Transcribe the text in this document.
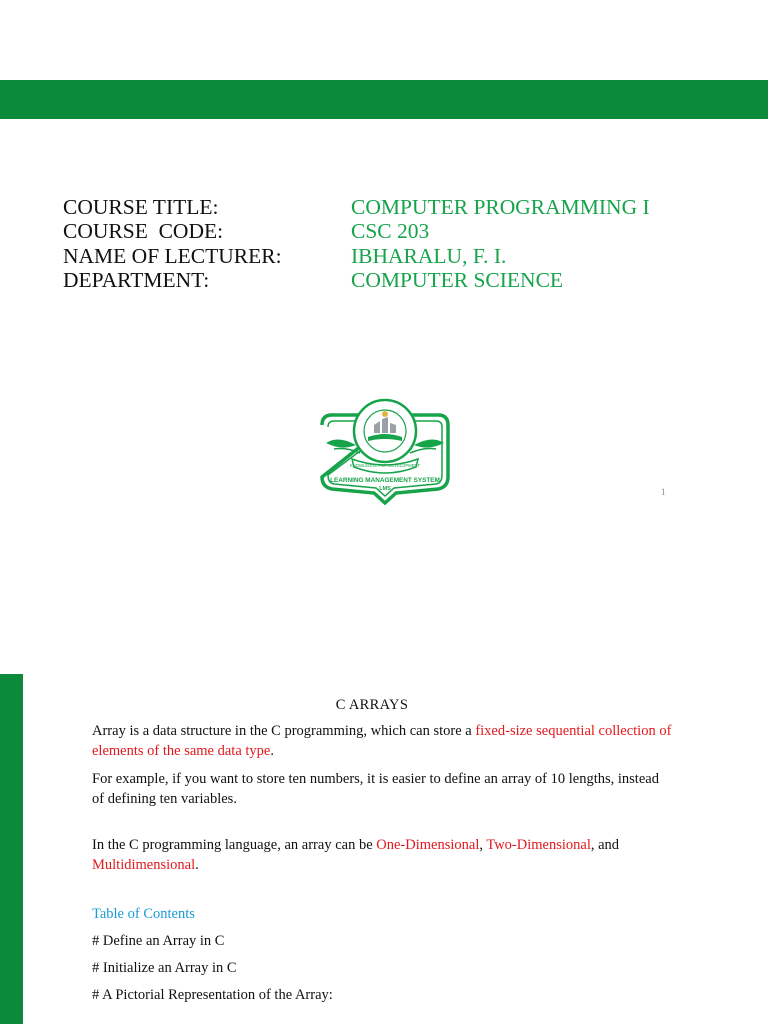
COURSE TITLE:	COMPUTER PROGRAMMING I
COURSE  CODE:	CSC 203
NAME OF LECTURER:	IBHARALU, F. I.
DEPARTMENT:	COMPUTER SCIENCE
KNOWLEDGE FOR DEVELOPMENT
LEARNING MANAGEMENT SYSTEM
LMS	1
C ARRAYS

Array is a data structure in the C programming, which can store a fixed-size sequential collection of elements of the same data type.

For example, if you want to store ten numbers, it is easier to define an array of 10 lengths, instead of defining ten variables.

In the C programming language, an array can be One-Dimensional, Two-Dimensional, and Multidimensional.

Table of Contents

# Define an Array in C

# Initialize an Array in C

# A Pictorial Representation of the Array:
